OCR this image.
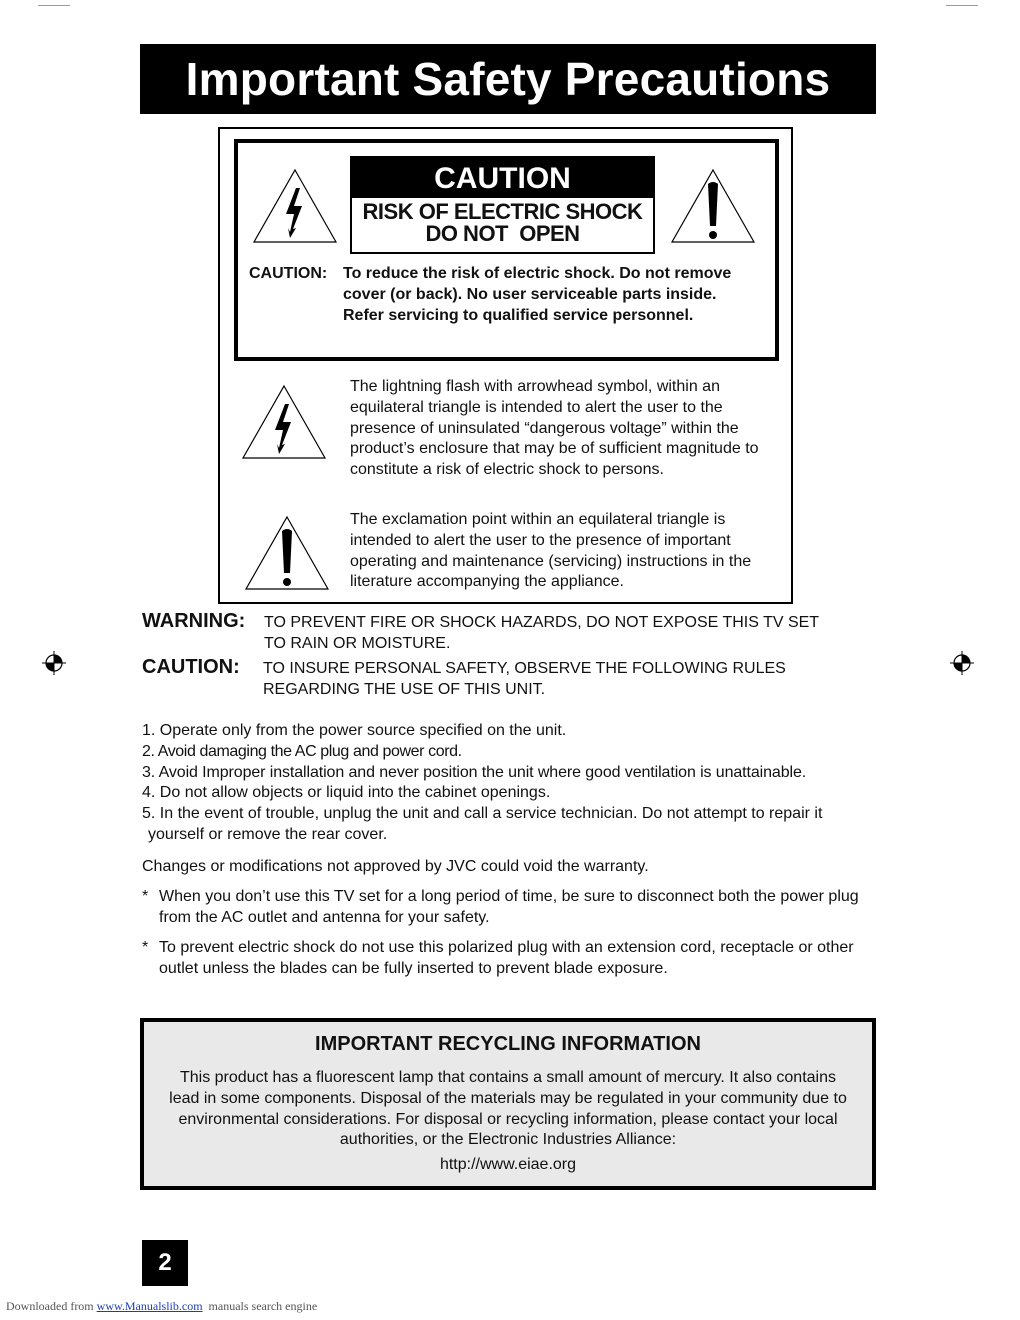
Important Safety Precautions
CAUTION
RISK OF ELECTRIC SHOCK
DO NOT  OPEN
CAUTION: To reduce the risk of electric shock. Do not remove cover (or back). No user serviceable parts inside. Refer servicing to qualified service personnel.
The lightning flash with arrowhead symbol, within an equilateral triangle is intended to alert the user to the presence of uninsulated “dangerous voltage” within the product’s enclosure that may be of sufficient magnitude to constitute a risk of electric shock to persons.
The exclamation point within an equilateral triangle is intended to alert the user to the presence of important operating and maintenance (servicing) instructions in the literature accompanying the appliance.
WARNING: TO PREVENT FIRE OR SHOCK HAZARDS, DO NOT EXPOSE THIS TV SET
TO RAIN OR MOISTURE.
CAUTION: TO INSURE PERSONAL SAFETY, OBSERVE THE FOLLOWING RULES
REGARDING THE USE OF THIS UNIT.
1. Operate only from the power source specified on the unit.
2. Avoid damaging the AC plug and power cord.
3. Avoid Improper installation and never position the unit where good ventilation is unattainable.
4. Do not allow objects or liquid into the cabinet openings.
5. In the event of trouble, unplug the unit and call a service technician. Do not attempt to repair it yourself or remove the rear cover.
Changes or modifications not approved by JVC could void the warranty.
* When you don’t use this TV set for a long period of time, be sure to disconnect both the power plug from the AC outlet and antenna for your safety.
* To prevent electric shock do not use this polarized plug with an extension cord, receptacle or other outlet unless the blades can be fully inserted to prevent blade exposure.
IMPORTANT RECYCLING INFORMATION
This product has a fluorescent lamp that contains a small amount of mercury. It also contains lead in some components. Disposal of the materials may be regulated in your community due to environmental considerations. For disposal or recycling information, please contact your local authorities, or the Electronic Industries Alliance:
http://www.eiae.org
2
Downloaded from www.Manualslib.com manuals search engine
